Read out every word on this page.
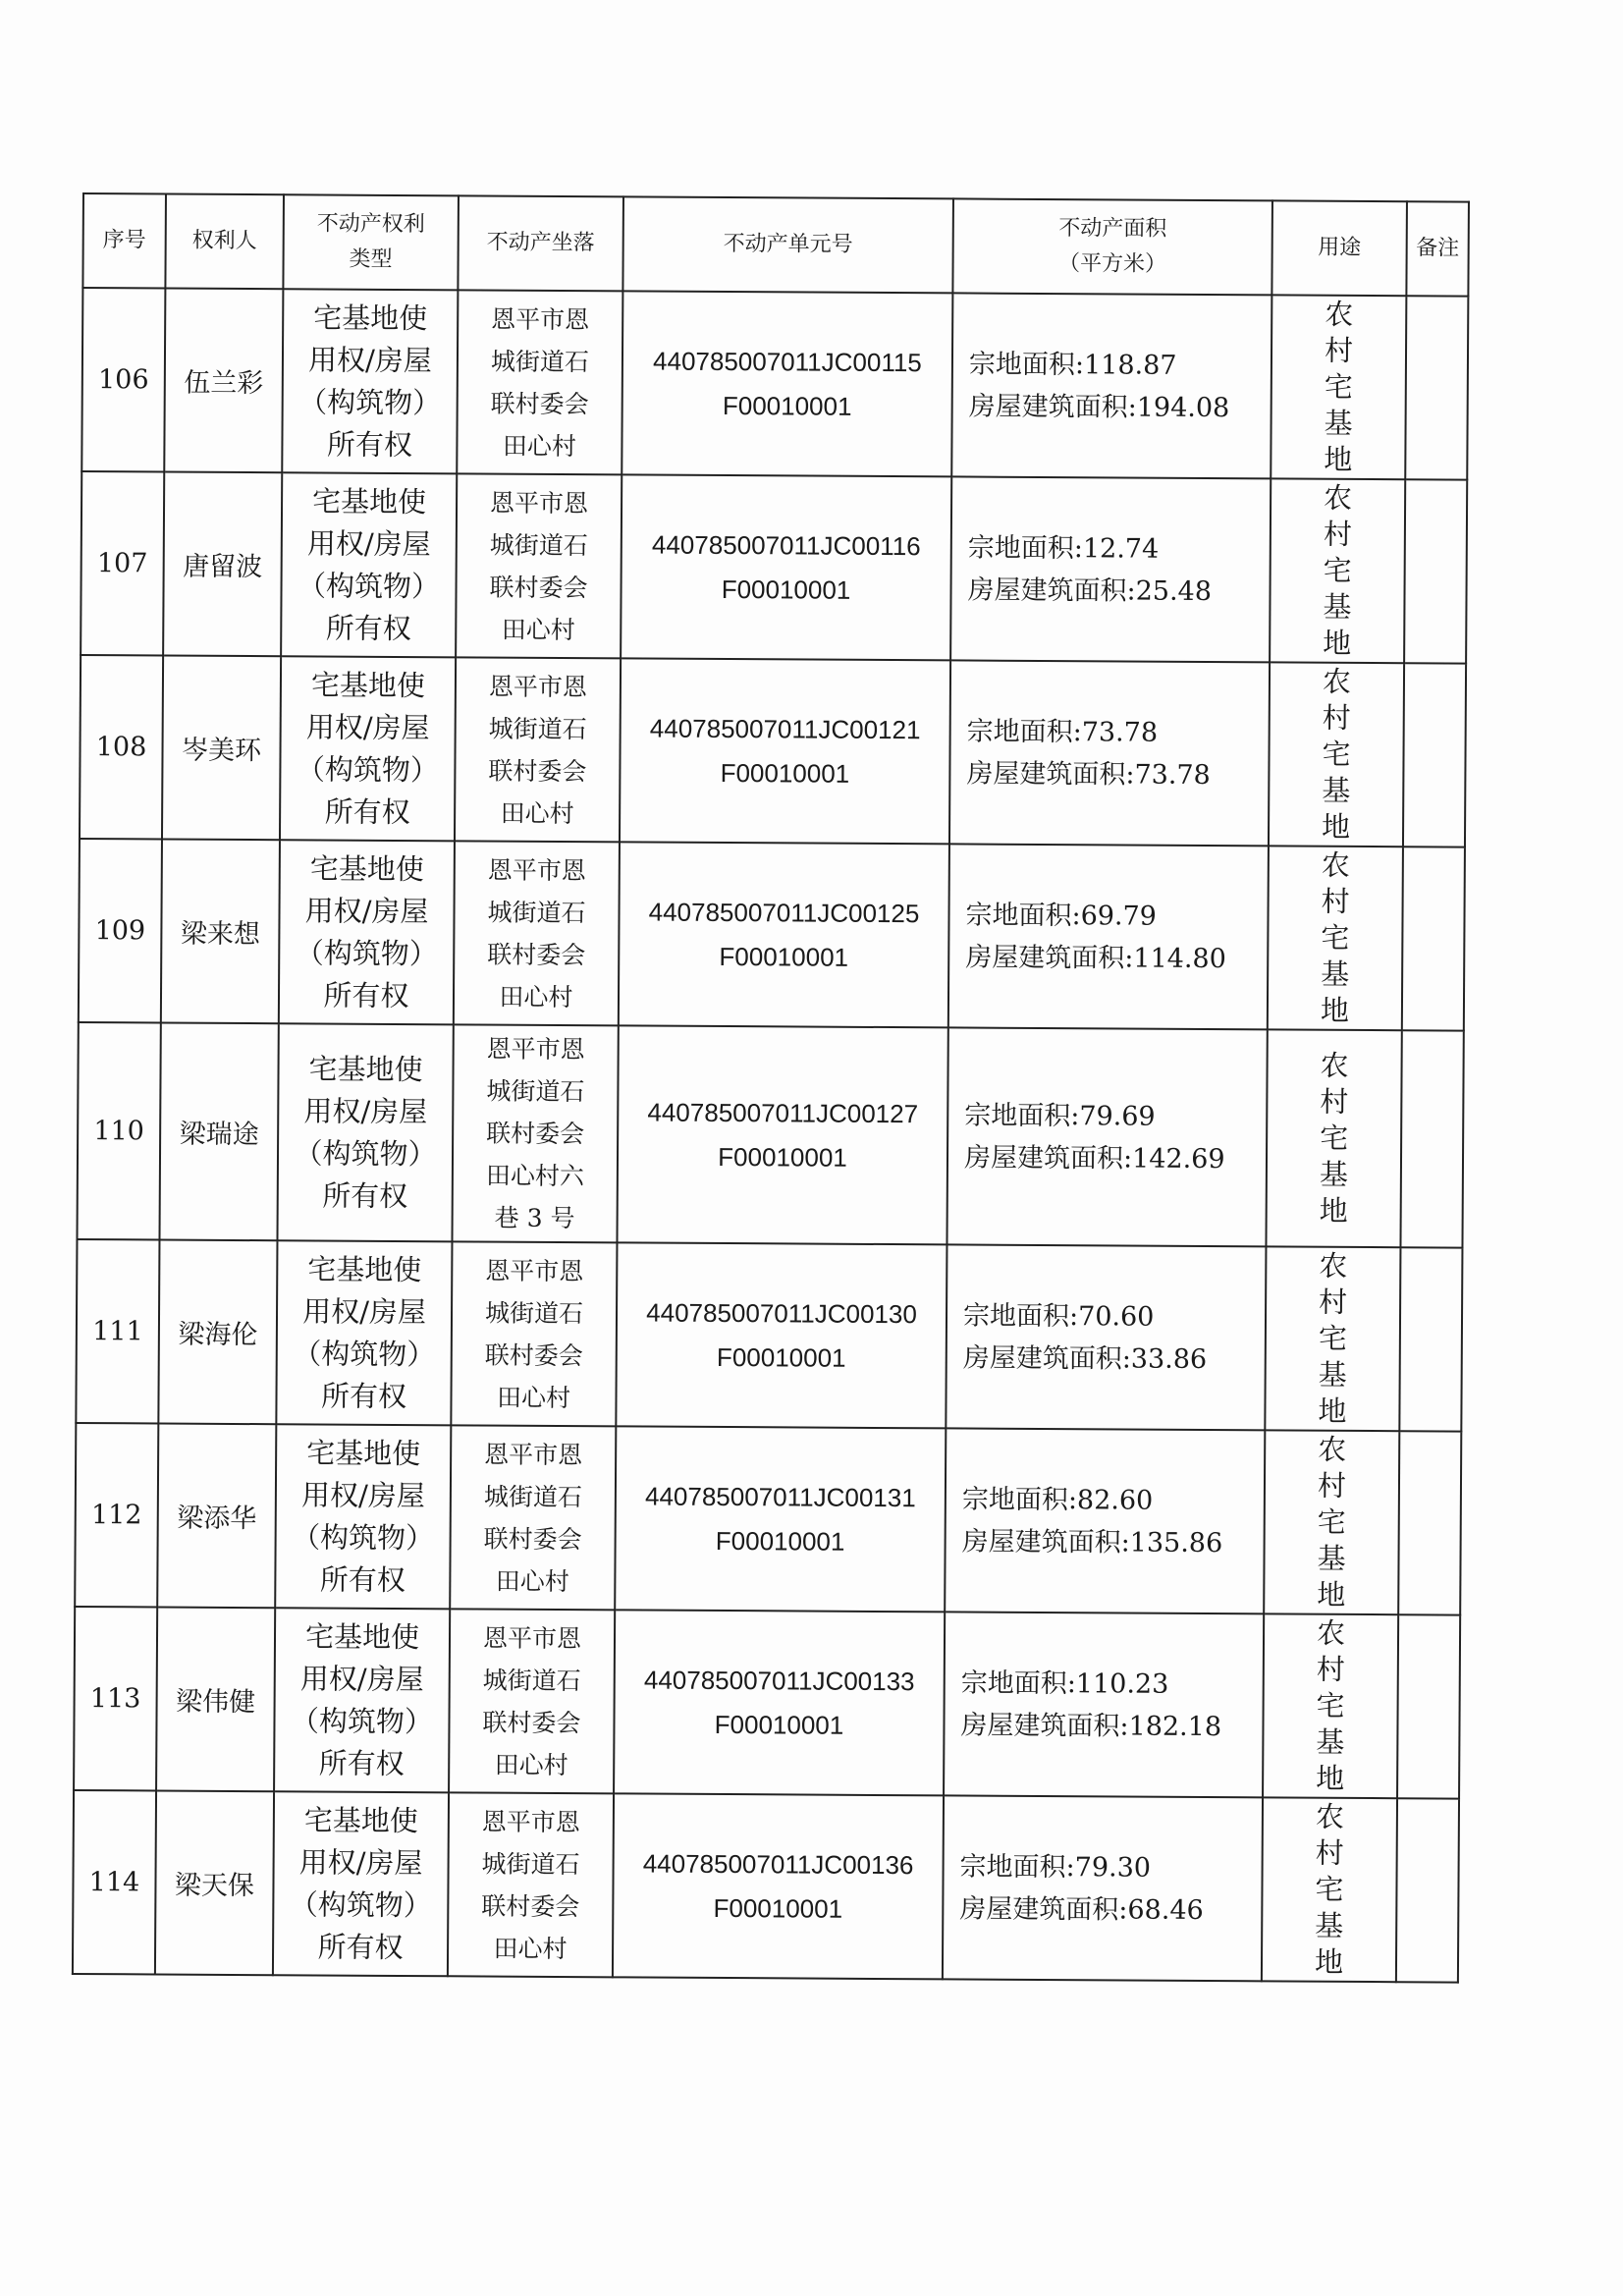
序号	权利人	不动产权利
类型	不动产坐落	不动产单元号	不动产面积
（平方米）	用途	备注
106	伍兰彩	宅基地使
用权/房屋
（构筑物）
所有权	恩平市恩
城街道石
联村委会
田心村	440785007011JC00115
F00010001	宗地面积:118.87
房屋建筑面积:194.08	农村宅基地	
107	唐留波	宅基地使
用权/房屋
（构筑物）
所有权	恩平市恩
城街道石
联村委会
田心村	440785007011JC00116
F00010001	宗地面积:12.74
房屋建筑面积:25.48	农村宅基地	
108	岑美环	宅基地使
用权/房屋
（构筑物）
所有权	恩平市恩
城街道石
联村委会
田心村	440785007011JC00121
F00010001	宗地面积:73.78
房屋建筑面积:73.78	农村宅基地	
109	梁来想	宅基地使
用权/房屋
（构筑物）
所有权	恩平市恩
城街道石
联村委会
田心村	440785007011JC00125
F00010001	宗地面积:69.79
房屋建筑面积:114.80	农村宅基地	
110	梁瑞途	宅基地使
用权/房屋
（构筑物）
所有权	恩平市恩
城街道石
联村委会
田心村六
巷 3 号	440785007011JC00127
F00010001	宗地面积:79.69
房屋建筑面积:142.69	农村宅基地	
111	梁海伦	宅基地使
用权/房屋
（构筑物）
所有权	恩平市恩
城街道石
联村委会
田心村	440785007011JC00130
F00010001	宗地面积:70.60
房屋建筑面积:33.86	农村宅基地	
112	梁添华	宅基地使
用权/房屋
（构筑物）
所有权	恩平市恩
城街道石
联村委会
田心村	440785007011JC00131
F00010001	宗地面积:82.60
房屋建筑面积:135.86	农村宅基地	
113	梁伟健	宅基地使
用权/房屋
（构筑物）
所有权	恩平市恩
城街道石
联村委会
田心村	440785007011JC00133
F00010001	宗地面积:110.23
房屋建筑面积:182.18	农村宅基地	
114	梁天保	宅基地使
用权/房屋
（构筑物）
所有权	恩平市恩
城街道石
联村委会
田心村	440785007011JC00136
F00010001	宗地面积:79.30
房屋建筑面积:68.46	农村宅基地	
